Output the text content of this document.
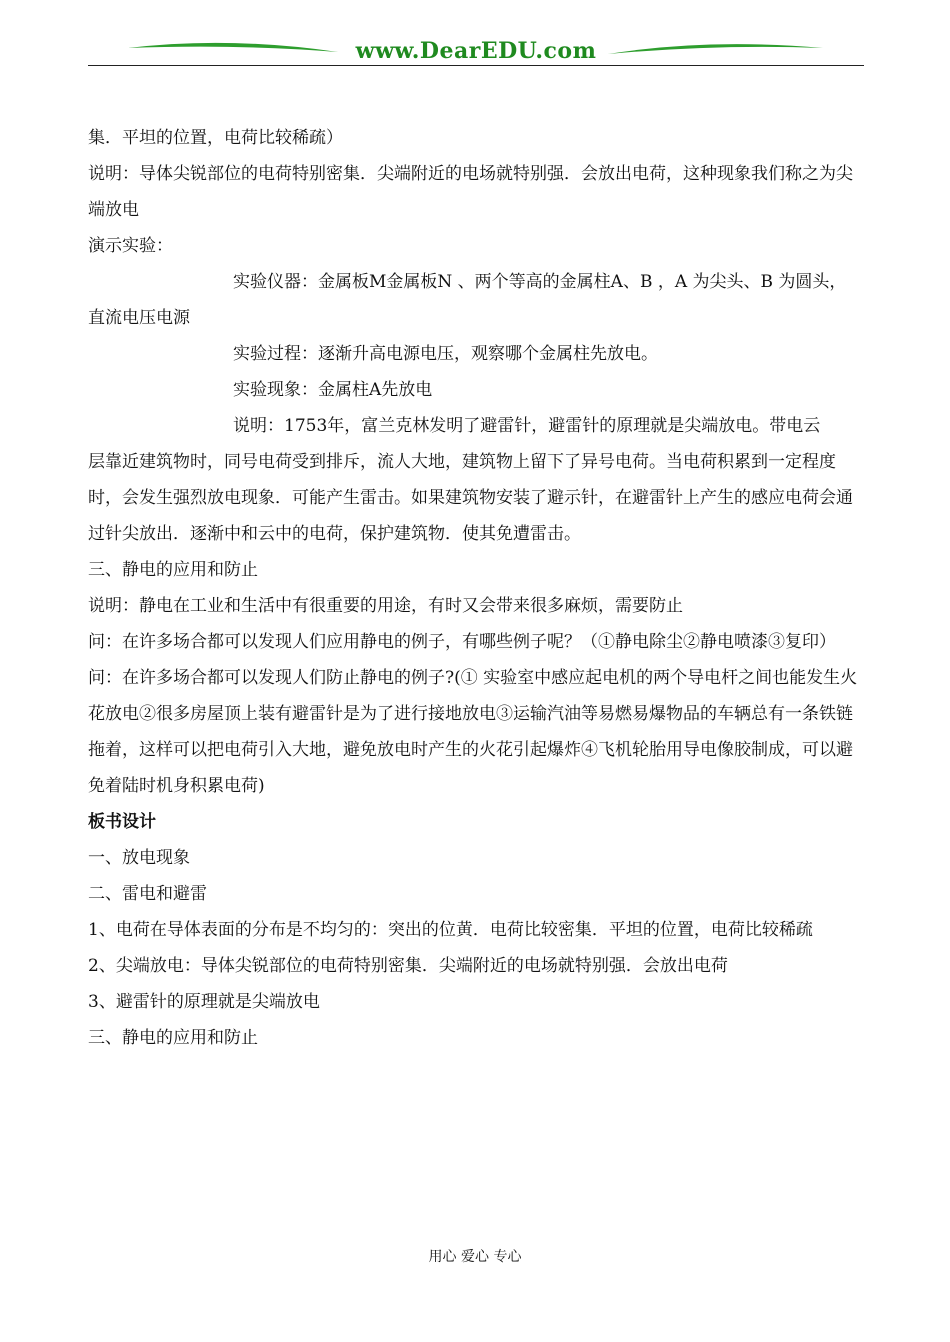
www.DearEDU.com

集．平坦的位置，电荷比较稀疏）

说明：导体尖锐部位的电荷特别密集．尖端附近的电场就特别强．会放出电荷，这种现象我们称之为尖端放电

演示实验：

实验仪器：金属板M金属板N 、两个等高的金属柱A、B ，A 为尖头、B 为圆头，

直流电压电源

实验过程：逐渐升高电源电压，观察哪个金属柱先放电。

实验现象：金属柱A先放电

说明：1753年，富兰克林发明了避雷针，避雷针的原理就是尖端放电。带电云

层靠近建筑物时，同号电荷受到排斥，流人大地，建筑物上留下了异号电荷。当电荷积累到一定程度时，会发生强烈放电现象．可能产生雷击。如果建筑物安装了避示针，在避雷针上产生的感应电荷会通过针尖放出．逐渐中和云中的电荷，保护建筑物．使其免遭雷击。

三、静电的应用和防止

说明：静电在工业和生活中有很重要的用途，有时又会带来很多麻烦，需要防止

问：在许多场合都可以发现人们应用静电的例子，有哪些例子呢？（①静电除尘②静电喷漆③复印）

问：在许多场合都可以发现人们防止静电的例子?(① 实验室中感应起电机的两个导电杆之间也能发生火花放电②很多房屋顶上装有避雷针是为了进行接地放电③运输汽油等易燃易爆物品的车辆总有一条铁链拖着，这样可以把电荷引入大地，避免放电时产生的火花引起爆炸④飞机轮胎用导电像胶制成，可以避免着陆时机身积累电荷)

板书设计

一、放电现象

二、雷电和避雷

1、电荷在导体表面的分布是不均匀的：突出的位黄．电荷比较密集．平坦的位置，电荷比较稀疏

2、尖端放电：导体尖锐部位的电荷特别密集．尖端附近的电场就特别强．会放出电荷

3、避雷针的原理就是尖端放电

三、静电的应用和防止

用心 爱心 专心
